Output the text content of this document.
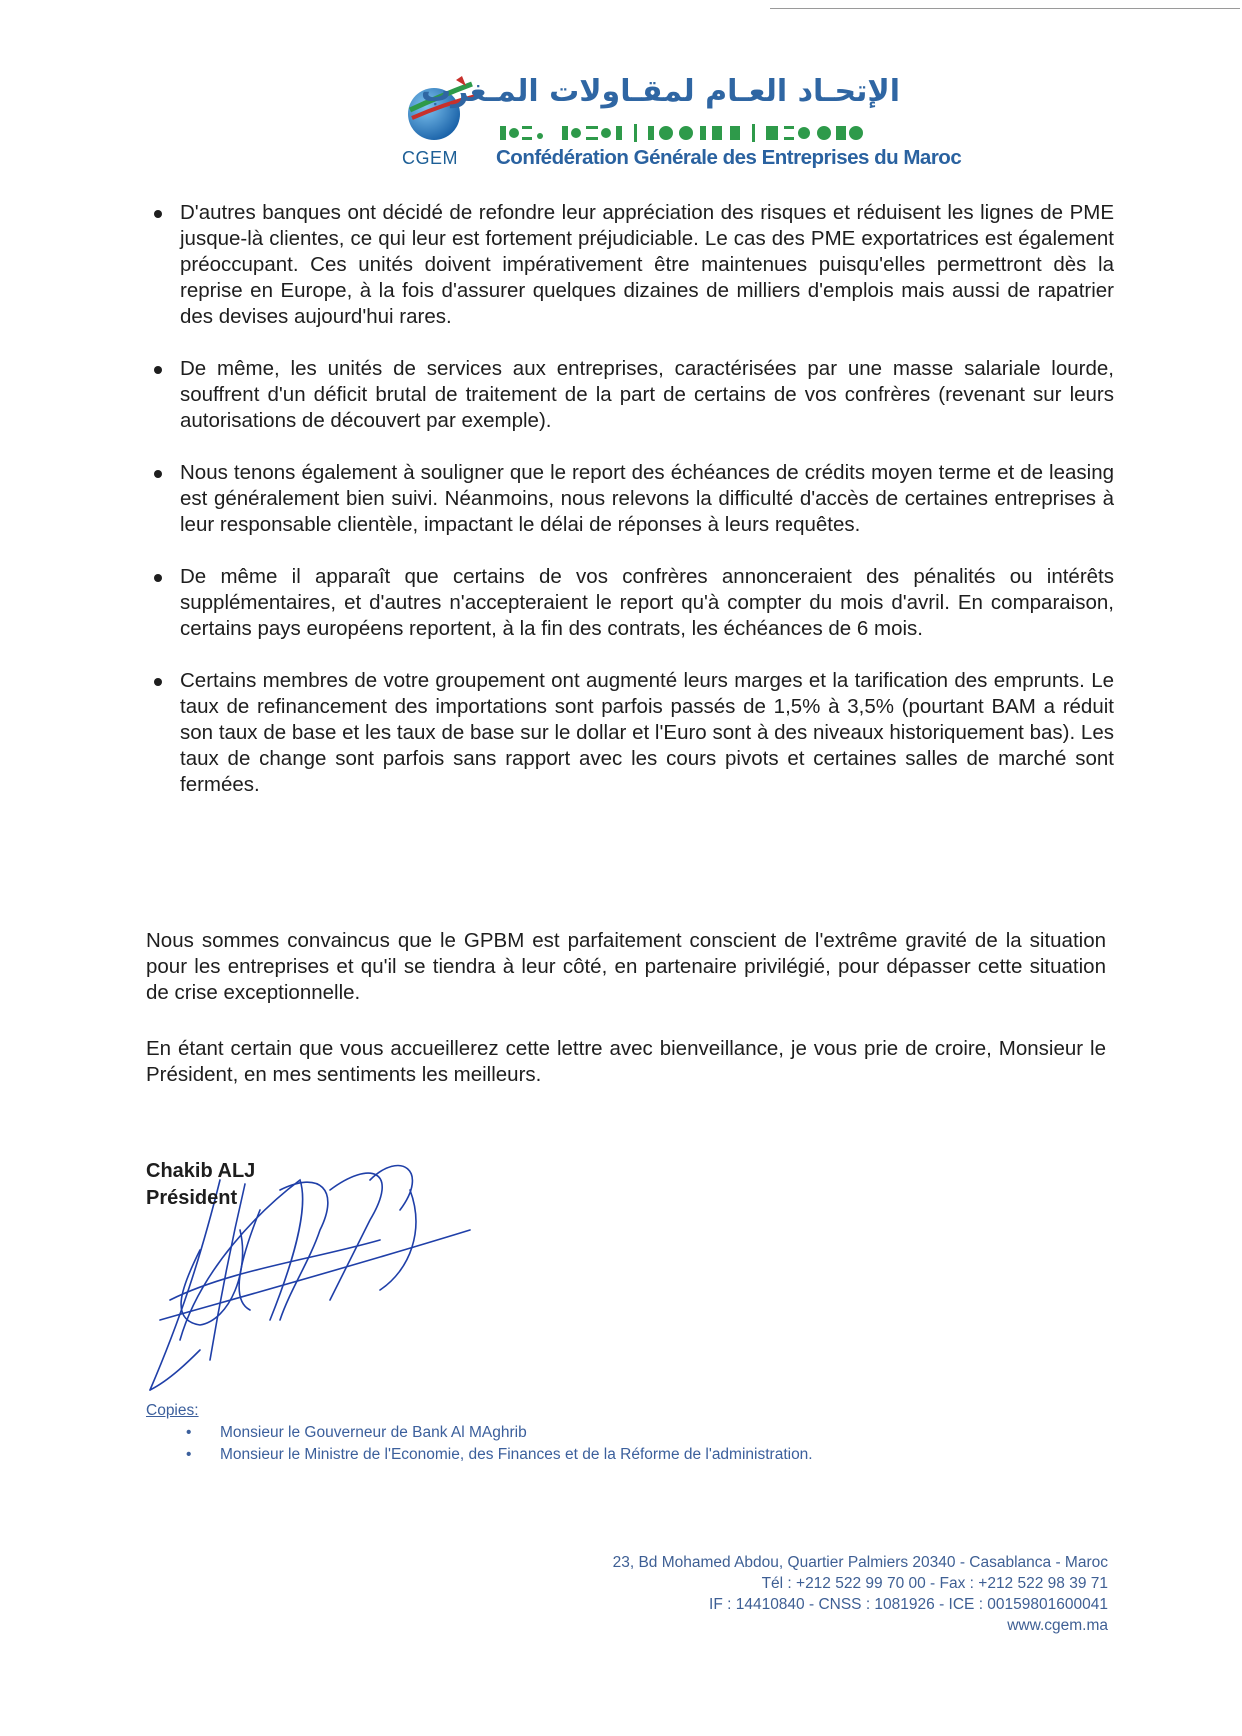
CGEM
الإتحـاد العـام لمقـاولات المـغرب
Confédération Générale des Entreprises du Maroc
D'autres banques ont décidé de refondre leur appréciation des risques et réduisent les lignes de PME jusque-là clientes, ce qui leur est fortement préjudiciable. Le cas des PME exportatrices est également préoccupant. Ces unités doivent impérativement être maintenues puisqu'elles permettront dès la reprise en Europe, à la fois d'assurer quelques dizaines de milliers d'emplois mais aussi de rapatrier des devises aujourd'hui rares.
De même, les unités de services aux entreprises, caractérisées par une masse salariale lourde, souffrent d'un déficit brutal de traitement de la part de certains de vos confrères (revenant sur leurs autorisations de découvert par exemple).
Nous tenons également à souligner que le report des échéances de crédits moyen terme et de leasing est généralement bien suivi. Néanmoins, nous relevons la difficulté d'accès de certaines entreprises à leur responsable clientèle, impactant le délai de réponses à leurs requêtes.
De même il apparaît que certains de vos confrères annonceraient des pénalités ou intérêts supplémentaires, et d'autres n'accepteraient le report qu'à compter du mois d'avril. En comparaison, certains pays européens reportent, à la fin des contrats, les échéances de 6 mois.
Certains membres de votre groupement ont augmenté leurs marges et la tarification des emprunts. Le taux de refinancement des importations sont parfois passés de 1,5% à 3,5% (pourtant BAM a réduit son taux de base et les taux de base sur le dollar et l'Euro sont à des niveaux historiquement bas). Les taux de change sont parfois sans rapport avec les cours pivots et certaines salles de marché sont fermées.

Nous sommes convaincus que le GPBM est parfaitement conscient de l'extrême gravité de la situation pour les entreprises et qu'il se tiendra à leur côté, en partenaire privilégié, pour dépasser cette situation de crise exceptionnelle.

En étant certain que vous accueillerez cette lettre avec bienveillance, je vous prie de croire, Monsieur le Président, en mes sentiments les meilleurs.

Chakib ALJ
Président
Copies:
• Monsieur le Gouverneur de Bank Al MAghrib
• Monsieur le Ministre de l'Economie, des Finances et de la Réforme de l'administration.
23, Bd Mohamed Abdou, Quartier Palmiers 20340 - Casablanca - Maroc
Tél : +212 522 99 70 00 - Fax : +212 522 98 39 71
IF : 14410840 - CNSS : 1081926 - ICE : 00159801600041
www.cgem.ma
